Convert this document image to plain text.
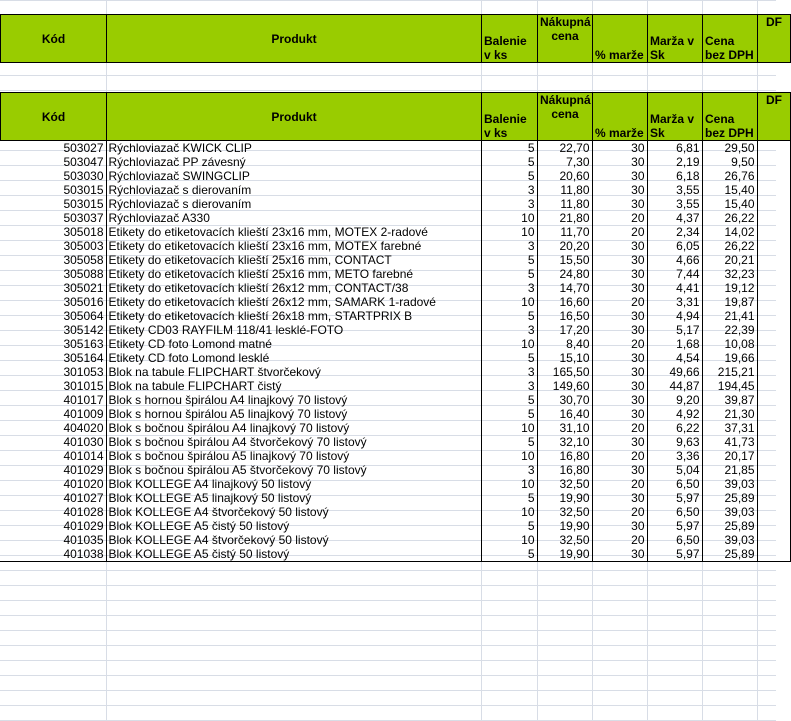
Kód	Produkt	Balenie v ks	Nákupná cena	% marže	Marža v Sk	Cena bez DPH	DF
Kód	Produkt	Balenie v ks	Nákupná cena	% marže	Marža v Sk	Cena bez DPH	DF
503027	Rýchloviazač KWICK CLIP	5	22,70	30	6,81	29,50	
503047	Rýchloviazač PP závesný	5	7,30	30	2,19	9,50	
503030	Rýchloviazač SWINGCLIP	5	20,60	30	6,18	26,76	
503015	Rýchloviazač s dierovaním	3	11,80	30	3,55	15,40	
503015	Rýchloviazač s dierovaním	3	11,80	30	3,55	15,40	
503037	Rýchloviazač A330	10	21,80	20	4,37	26,22	
305018	Etikety do etiketovacích klieští 23x16 mm, MOTEX 2-radové	10	11,70	20	2,34	14,02	
305003	Etikety do etiketovacích klieští 23x16 mm, MOTEX farebné	3	20,20	30	6,05	26,22	
305058	Etikety do etiketovacích klieští 25x16 mm, CONTACT	5	15,50	30	4,66	20,21	
305088	Etikety do etiketovacích klieští 25x16 mm, METO farebné	5	24,80	30	7,44	32,23	
305021	Etikety do etiketovacích klieští 26x12 mm, CONTACT/38	3	14,70	30	4,41	19,12	
305016	Etikety do etiketovacích klieští 26x12 mm, SAMARK 1-radové	10	16,60	20	3,31	19,87	
305064	Etikety do etiketovacích klieští 26x18 mm, STARTPRIX B	5	16,50	30	4,94	21,41	
305142	Etikety CD03 RAYFILM 118/41 lesklé-FOTO	3	17,20	30	5,17	22,39	
305163	Etikety CD foto Lomond matné	10	8,40	20	1,68	10,08	
305164	Etikety CD foto Lomond lesklé	5	15,10	30	4,54	19,66	
301053	Blok na tabule FLIPCHART štvorčekový	3	165,50	30	49,66	215,21	
301015	Blok na tabule FLIPCHART čistý	3	149,60	30	44,87	194,45	
401017	Blok s hornou špirálou A4 linajkový 70 listový	5	30,70	30	9,20	39,87	
401009	Blok s hornou špirálou A5 linajkový 70 listový	5	16,40	30	4,92	21,30	
404020	Blok s bočnou špirálou A4 linajkový 70 listový	10	31,10	20	6,22	37,31	
401030	Blok s bočnou špirálou A4 štvorčekový 70 listový	5	32,10	30	9,63	41,73	
401014	Blok s bočnou špirálou A5 linajkový 70 listový	10	16,80	20	3,36	20,17	
401029	Blok s bočnou špirálou A5 štvorčekový 70 listový	3	16,80	30	5,04	21,85	
401020	Blok KOLLEGE A4 linajkový 50 listový	10	32,50	20	6,50	39,03	
401027	Blok KOLLEGE A5 linajkový 50 listový	5	19,90	30	5,97	25,89	
401028	Blok KOLLEGE A4 štvorčekový 50 listový	10	32,50	20	6,50	39,03	
401029	Blok KOLLEGE A5 čistý 50 listový	5	19,90	30	5,97	25,89	
401035	Blok KOLLEGE A4 štvorčekový 50 listový	10	32,50	20	6,50	39,03	
401038	Blok KOLLEGE A5 čistý 50 listový	5	19,90	30	5,97	25,89	
